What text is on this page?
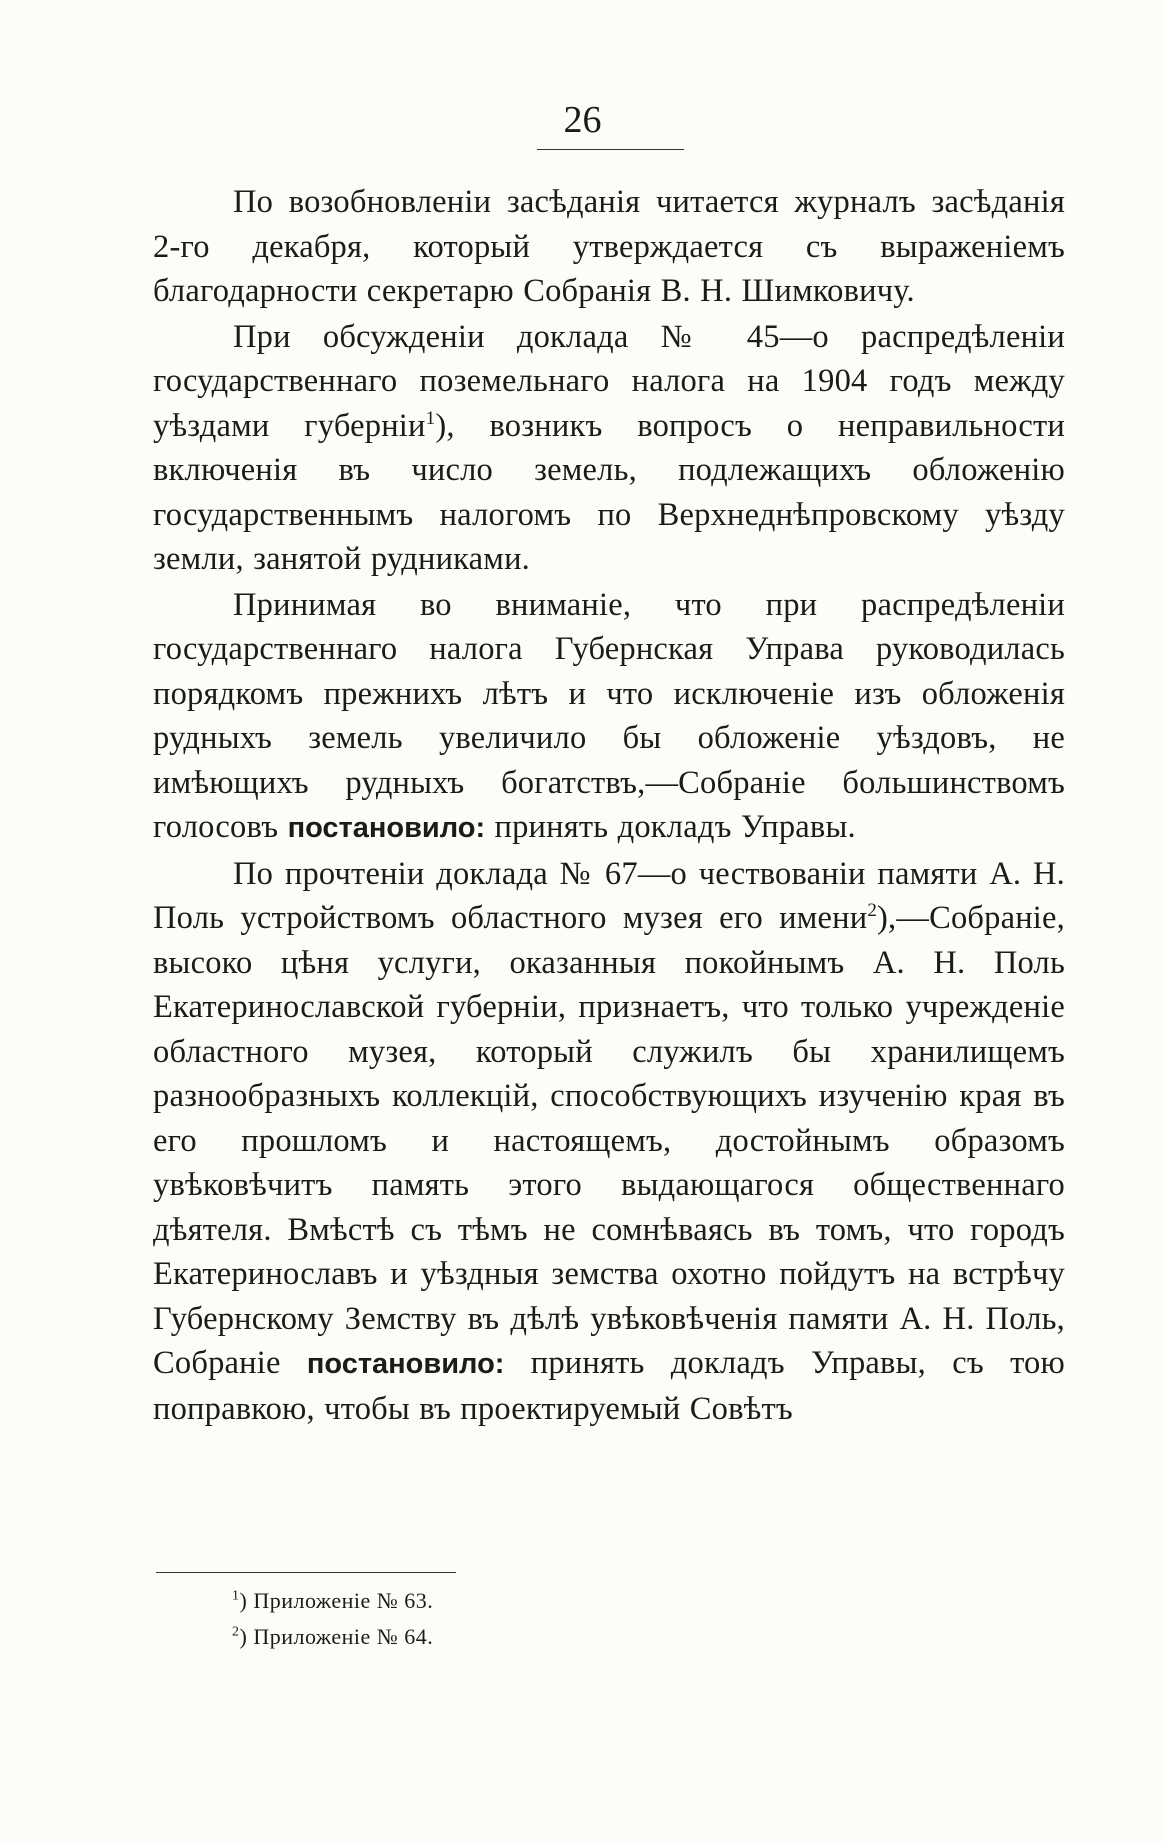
26

По возобновленіи засѣданія читается журналъ засѣданія 2-го декабря, который утверждается съ выраженіемъ благодарности секретарю Собранія В. Н. Шимковичу.

При обсужденіи доклада № 45—о распредѣленіи государственнаго поземельнаго налога на 1904 годъ между уѣздами губерніи$^1$), возникъ вопросъ о неправильности включенія въ число земель, подлежащихъ обложенію государственнымъ налогомъ по Верхнеднѣпровскому уѣзду земли, занятой рудниками.

Принимая во вниманіе, что при распредѣленіи государственнаго налога Губернская Управа руководилась порядкомъ прежнихъ лѣтъ и что исключеніе изъ обложенія рудныхъ земель увеличило бы обложеніе уѣздовъ, не имѣющихъ рудныхъ богатствъ,—Собраніе большинствомъ голосовъ постановило: принять докладъ Управы.

По прочтеніи доклада № 67—о чествованіи памяти А. Н. Поль устройствомъ областного музея его имени$^2$),—Собраніе, высоко цѣня услуги, оказанныя покойнымъ А. Н. Поль Екатеринославской губерніи, признаетъ, что только учрежденіе областного музея, который служилъ бы хранилищемъ разнообразныхъ коллекцій, способствующихъ изученію края въ его прошломъ и настоящемъ, достойнымъ образомъ увѣковѣчитъ память этого выдающагося общественнаго дѣятеля. Вмѣстѣ съ тѣмъ не сомнѣваясь въ томъ, что городъ Екатеринославъ и уѣздныя земства охотно пойдутъ на встрѣчу Губернскому Земству въ дѣлѣ увѣковѣченія памяти А. Н. Поль, Собраніе постановило: принять докладъ Управы, съ тою поправкою, чтобы въ проектируемый Совѣтъ

$^1$) Приложеніе № 63.
$^2$) Приложеніе № 64.
